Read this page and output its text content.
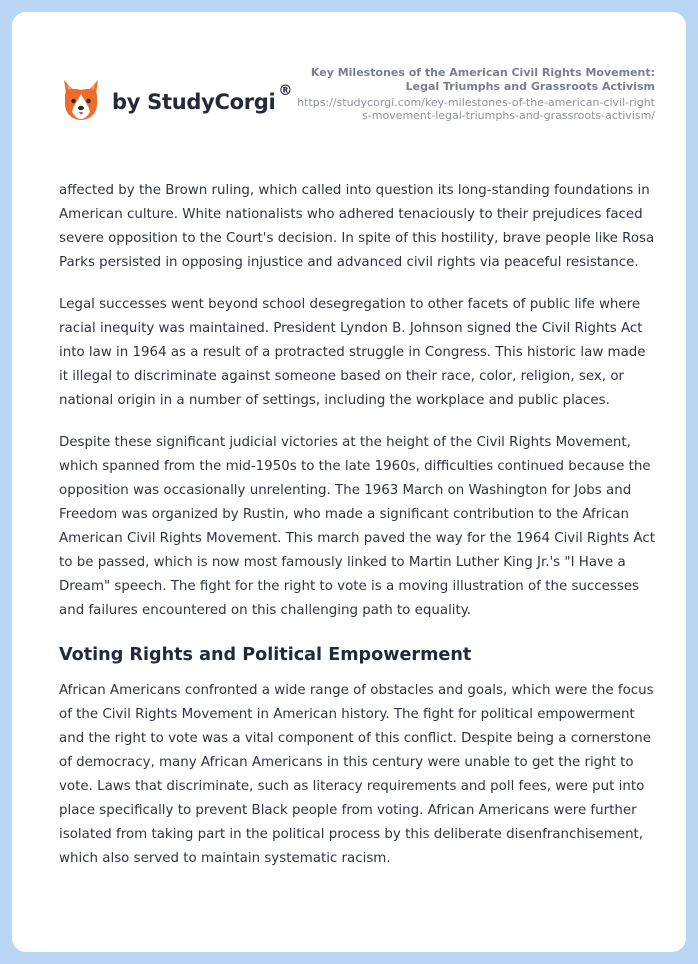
by StudyCorgi ®
Key Milestones of the American Civil Rights Movement: Legal Triumphs and Grassroots Activism
https://studycorgi.com/key-milestones-of-the-american-civil-rights-movement-legal-triumphs-and-grassroots-activism/

affected by the Brown ruling, which called into question its long-standing foundations in American culture. White nationalists who adhered tenaciously to their prejudices faced severe opposition to the Court's decision. In spite of this hostility, brave people like Rosa Parks persisted in opposing injustice and advanced civil rights via peaceful resistance.

Legal successes went beyond school desegregation to other facets of public life where racial inequity was maintained. President Lyndon B. Johnson signed the Civil Rights Act into law in 1964 as a result of a protracted struggle in Congress. This historic law made it illegal to discriminate against someone based on their race, color, religion, sex, or national origin in a number of settings, including the workplace and public places.

Despite these significant judicial victories at the height of the Civil Rights Movement, which spanned from the mid-1950s to the late 1960s, difficulties continued because the opposition was occasionally unrelenting. The 1963 March on Washington for Jobs and Freedom was organized by Rustin, who made a significant contribution to the African American Civil Rights Movement. This march paved the way for the 1964 Civil Rights Act to be passed, which is now most famously linked to Martin Luther King Jr.'s "I Have a Dream" speech. The fight for the right to vote is a moving illustration of the successes and failures encountered on this challenging path to equality.

Voting Rights and Political Empowerment

African Americans confronted a wide range of obstacles and goals, which were the focus of the Civil Rights Movement in American history. The fight for political empowerment and the right to vote was a vital component of this conflict. Despite being a cornerstone of democracy, many African Americans in this century were unable to get the right to vote. Laws that discriminate, such as literacy requirements and poll fees, were put into place specifically to prevent Black people from voting. African Americans were further isolated from taking part in the political process by this deliberate disenfranchisement, which also served to maintain systematic racism.
